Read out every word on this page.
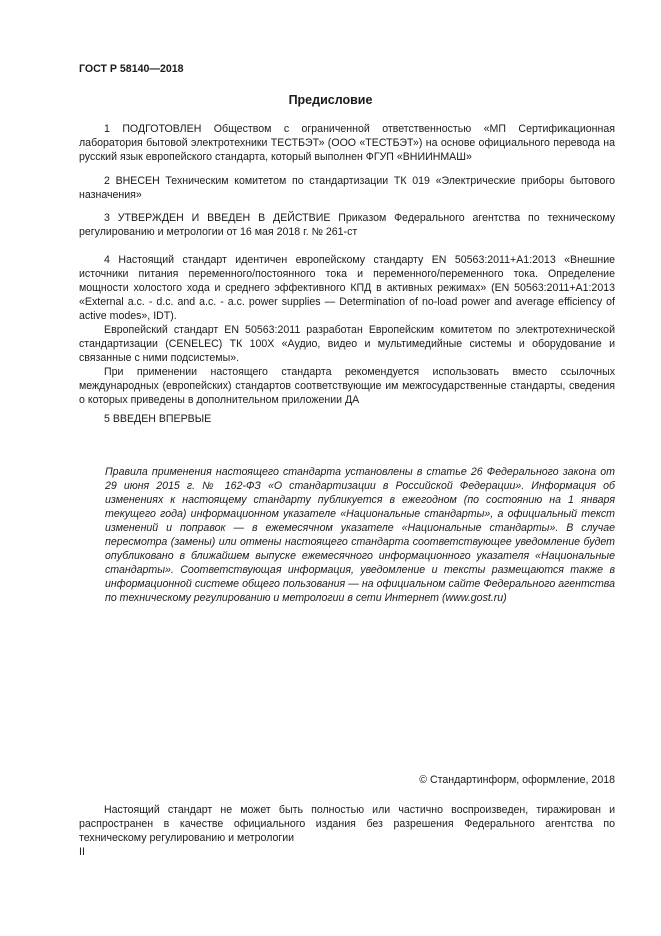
ГОСТ Р 58140—2018
Предисловие

1 ПОДГОТОВЛЕН Обществом с ограниченной ответственностью «МП Сертификационная лаборатория бытовой электротехники ТЕСТБЭТ» (ООО «ТЕСТБЭТ») на основе официального перевода на русский язык европейского стандарта, который выполнен ФГУП «ВНИИНМАШ»

2 ВНЕСЕН Техническим комитетом по стандартизации ТК 019 «Электрические приборы бытового назначения»

3 УТВЕРЖДЕН И ВВЕДЕН В ДЕЙСТВИЕ Приказом Федерального агентства по техническому регулированию и метрологии от 16 мая 2018 г. № 261-ст

4 Настоящий стандарт идентичен европейскому стандарту EN 50563:2011+A1:2013 «Внешние источники питания переменного/постоянного тока и переменного/переменного тока. Определение мощности холостого хода и среднего эффективного КПД в активных режимах» (EN 50563:2011+A1:2013 «External a.c. - d.c. and a.c. - a.c. power supplies — Determination of no-load power and average efficiency of active modes», IDT).

Европейский стандарт EN 50563:2011 разработан Европейским комитетом по электротехнической стандартизации (CENELEC) ТК 100Х «Аудио, видео и мультимедийные системы и оборудование и связанные с ними подсистемы».

При применении настоящего стандарта рекомендуется использовать вместо ссылочных международных (европейских) стандартов соответствующие им межгосударственные стандарты, сведения о которых приведены в дополнительном приложении ДА

5 ВВЕДЕН ВПЕРВЫЕ

Правила применения настоящего стандарта установлены в статье 26 Федерального закона от 29 июня 2015 г. № 162-ФЗ «О стандартизации в Российской Федерации». Информация об изменениях к настоящему стандарту публикуется в ежегодном (по состоянию на 1 января текущего года) информационном указателе «Национальные стандарты», а официальный текст изменений и поправок — в ежемесячном указателе «Национальные стандарты». В случае пересмотра (замены) или отмены настоящего стандарта соответствующее уведомление будет опубликовано в ближайшем выпуске ежемесячного информационного указателя «Национальные стандарты». Соответствующая информация, уведомление и тексты размещаются также в информационной системе общего пользования — на официальном сайте Федерального агентства по техническому регулированию и метрологии в сети Интернет (www.gost.ru)
© Стандартинформ, оформление, 2018

Настоящий стандарт не может быть полностью или частично воспроизведен, тиражирован и распространен в качестве официального издания без разрешения Федерального агентства по техническому регулированию и метрологии

II
